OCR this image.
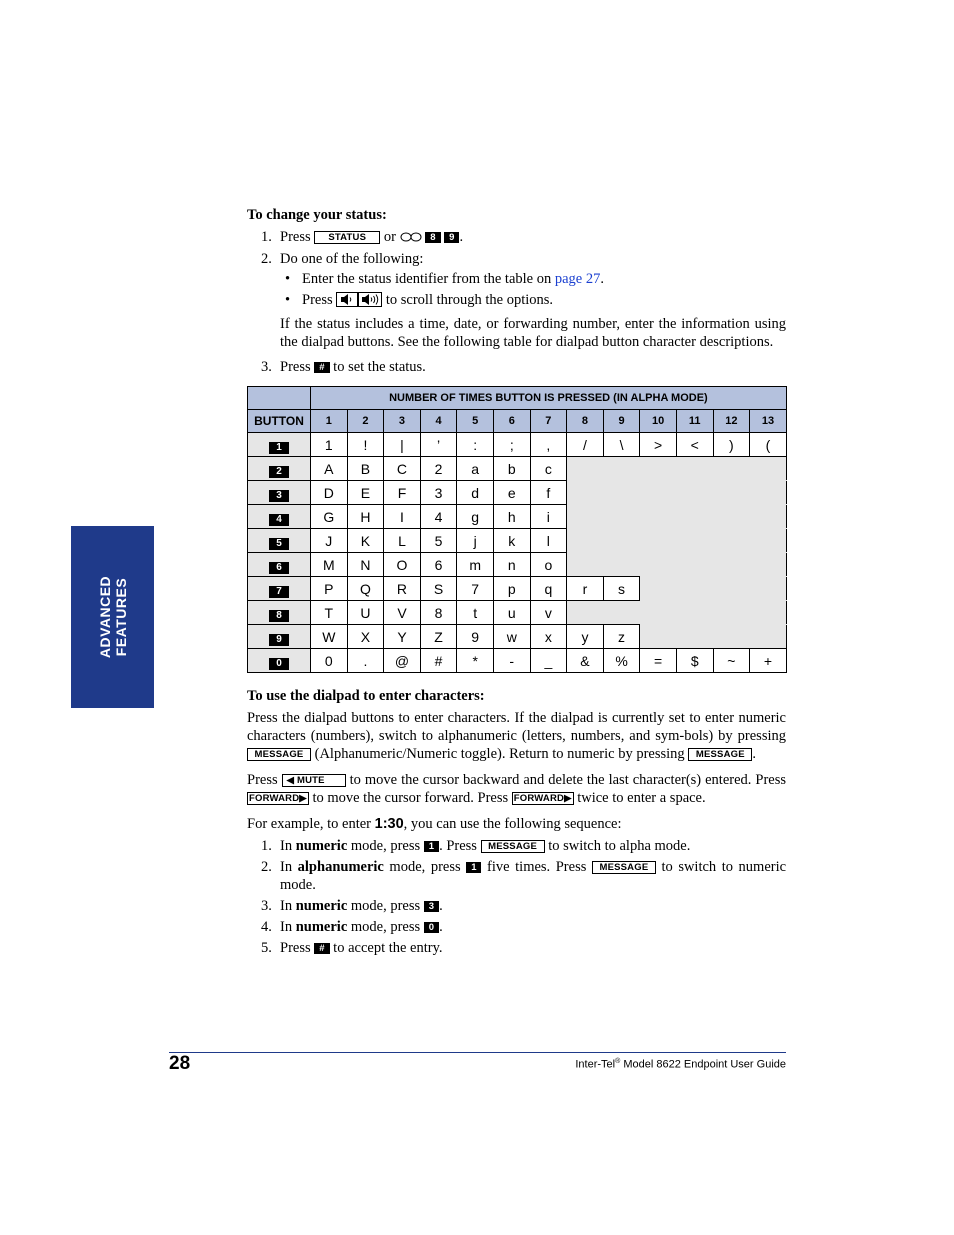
ADVANCED FEATURES
To change your status:
1. Press STATUS or	8 9 .
2. Do one of the following:
• Enter the status identifier from the table on page 27.
• Press	to scroll through the options.
If the status includes a time, date, or forwarding number, enter the information using the dialpad buttons. See the following table for dialpad button character descriptions.
3. Press # to set the status.
	NUMBER OF TIMES BUTTON IS PRESSED (IN ALPHA MODE)												
BUTTON	1	2	3	4	5	6	7	8	9	10	11	12	13
1	1	!	|	’	:	;	,	/	\	>	<	)	(
2	A	B	C	2	a	b	c						
3	D	E	F	3	d	e	f						
4	G	H	I	4	g	h	i						
5	J	K	L	5	j	k	l						
6	M	N	O	6	m	n	o						
7	P	Q	R	S	7	p	q	r	s				
8	T	U	V	8	t	u	v						
9	W	X	Y	Z	9	w	x	y	z				
0	0	.	@	#	*	-	_	&	%	=	$	~	+
To use the dialpad to enter characters:
Press the dialpad buttons to enter characters. If the dialpad is currently set to enter numeric characters (numbers), switch to alphanumeric (letters, numbers, and sym-bols) by pressing MESSAGE (Alphanumeric/Numeric toggle). Return to numeric by pressing MESSAGE .
Press ◀ MUTE to move the cursor backward and delete the last character(s) entered. Press FORWARD▶ to move the cursor forward. Press FORWARD▶ twice to enter a space.
For example, to enter 1:30, you can use the following sequence:
1. In numeric mode, press 1 . Press MESSAGE to switch to alpha mode.
2. In alphanumeric mode, press 1 five times. Press MESSAGE to switch to numeric mode.
3. In numeric mode, press 3 .
4. In numeric mode, press 0 .
5. Press # to accept the entry.
28	Inter-Tel® Model 8622 Endpoint User Guide
